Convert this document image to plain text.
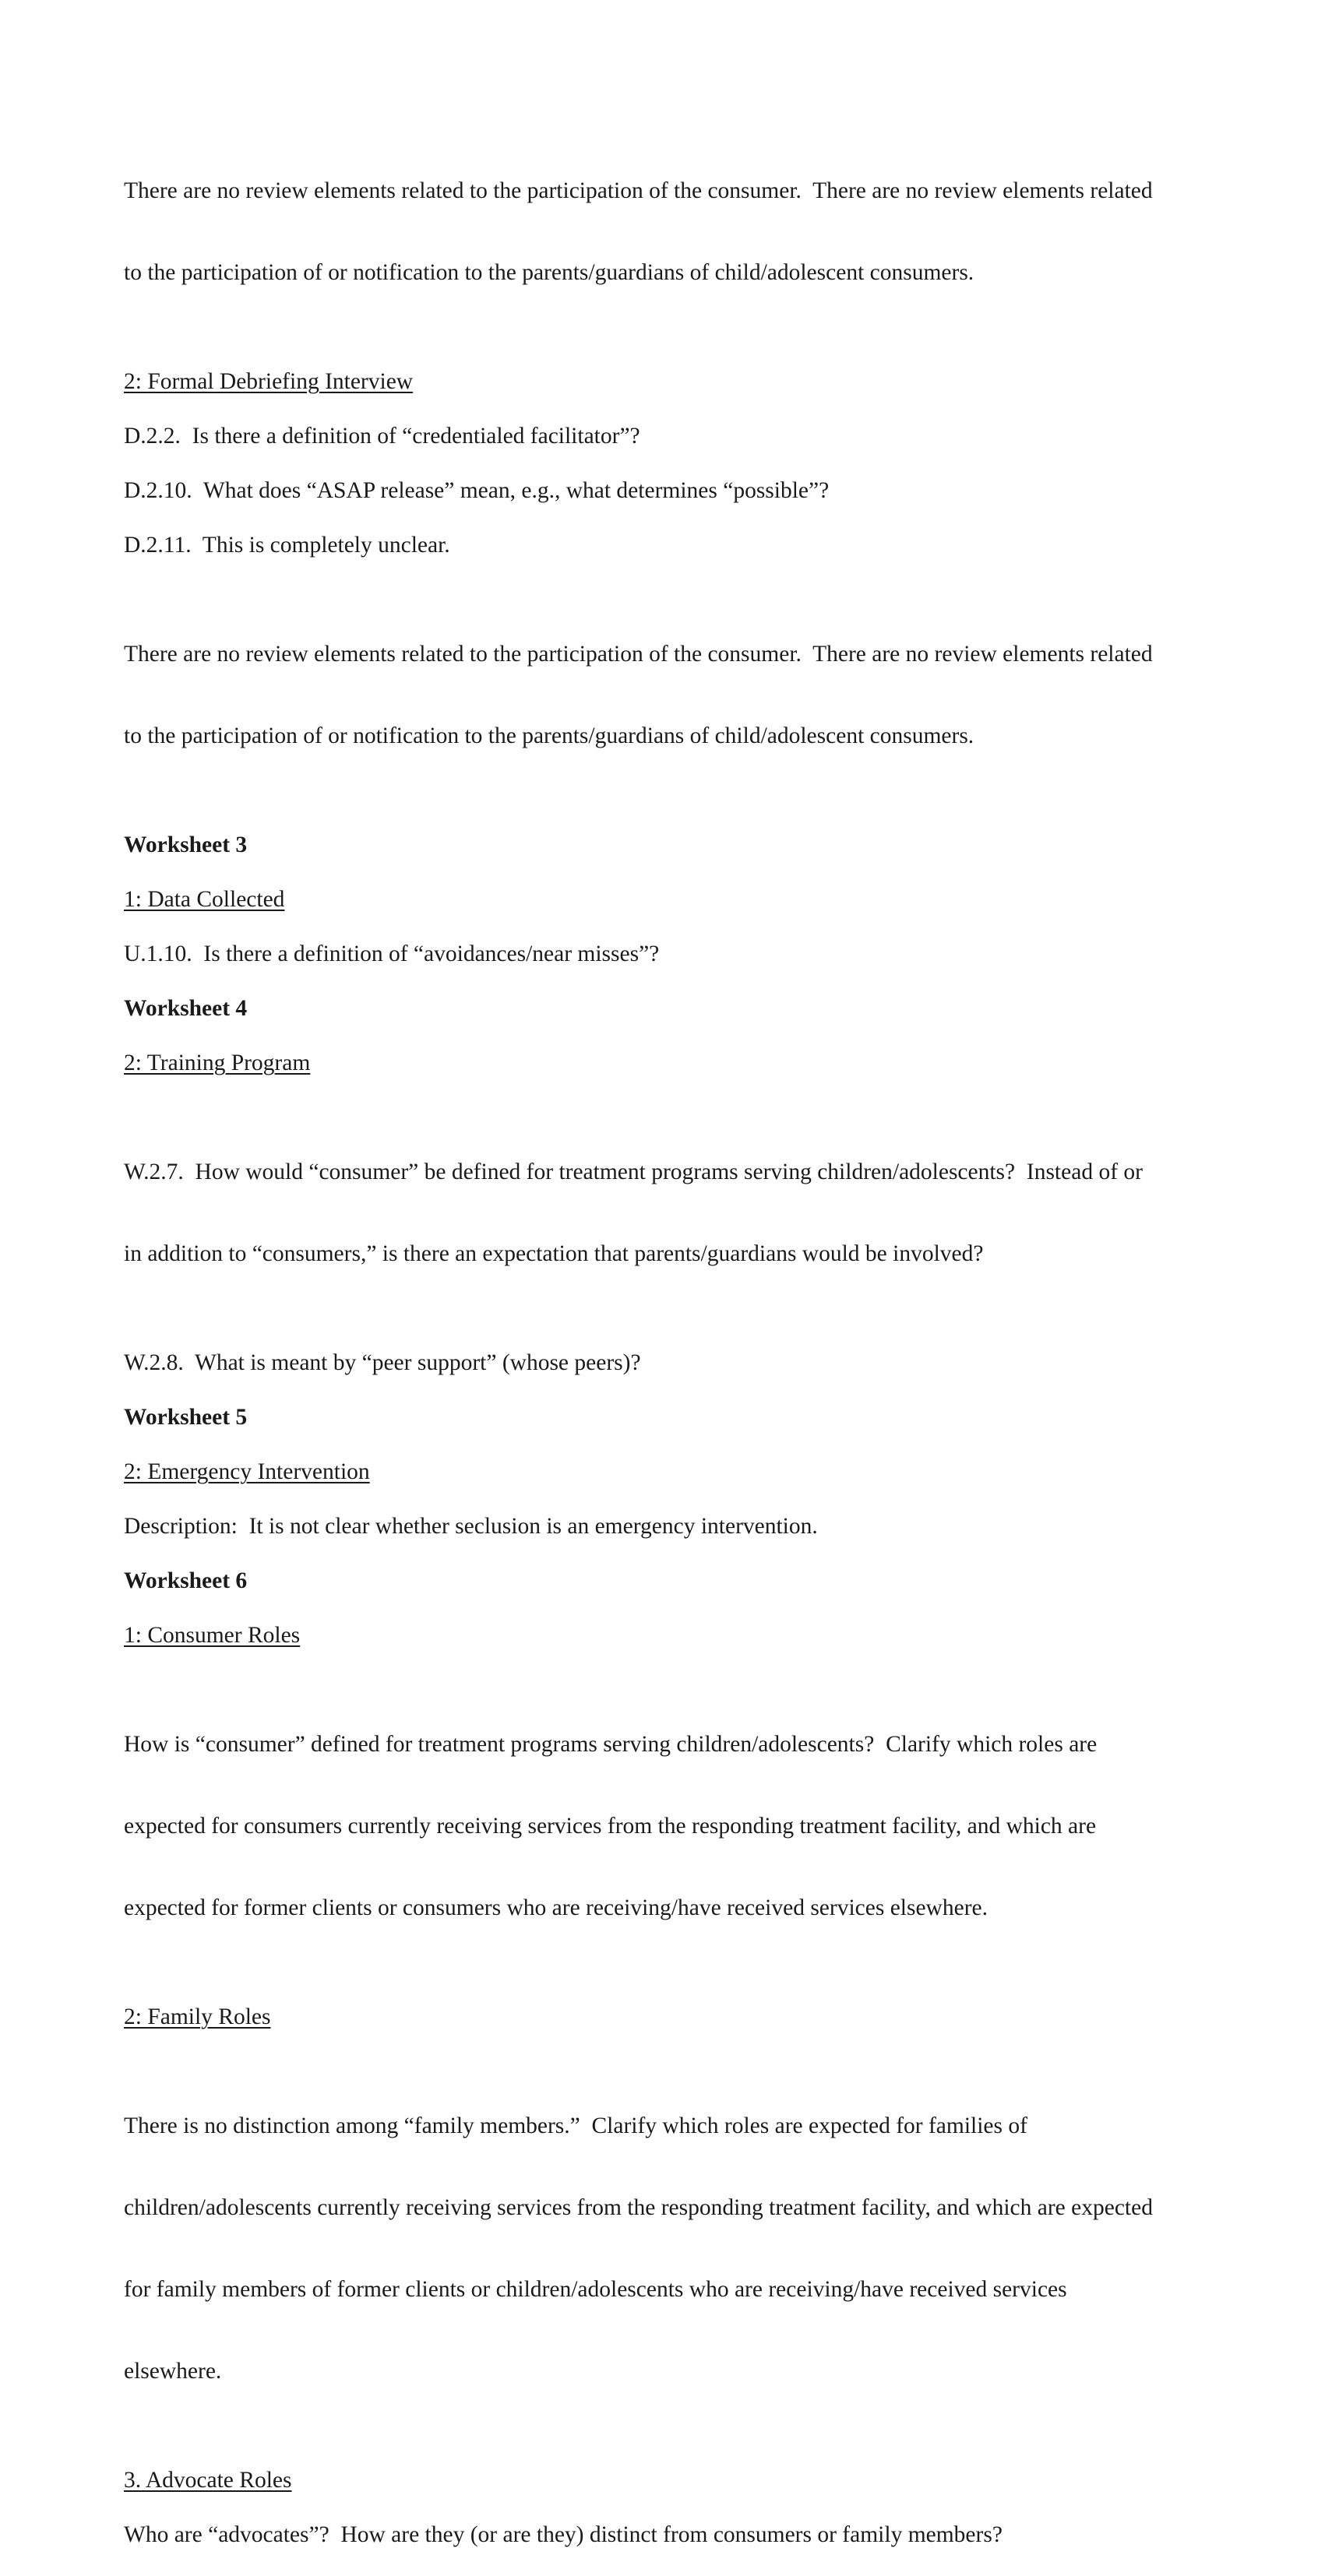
There are no review elements related to the participation of the consumer.  There are no review elements related

to the participation of or notification to the parents/guardians of child/adolescent consumers.

2: Formal Debriefing Interview
D.2.2.  Is there a definition of “credentialed facilitator”?
D.2.10.  What does “ASAP release” mean, e.g., what determines “possible”?
D.2.11.  This is completely unclear.

There are no review elements related to the participation of the consumer.  There are no review elements related

to the participation of or notification to the parents/guardians of child/adolescent consumers.

Worksheet 3
1: Data Collected
U.1.10.  Is there a definition of “avoidances/near misses”?
Worksheet 4
2: Training Program

W.2.7.  How would “consumer” be defined for treatment programs serving children/adolescents?  Instead of or

in addition to “consumers,” is there an expectation that parents/guardians would be involved?

W.2.8.  What is meant by “peer support” (whose peers)?
Worksheet 5
2: Emergency Intervention
Description:  It is not clear whether seclusion is an emergency intervention.
Worksheet 6
1: Consumer Roles

How is “consumer” defined for treatment programs serving children/adolescents?  Clarify which roles are

expected for consumers currently receiving services from the responding treatment facility, and which are

expected for former clients or consumers who are receiving/have received services elsewhere.

2: Family Roles

There is no distinction among “family members.”  Clarify which roles are expected for families of

children/adolescents currently receiving services from the responding treatment facility, and which are expected

for family members of former clients or children/adolescents who are receiving/have received services

elsewhere.

3. Advocate Roles
Who are “advocates”?  How are they (or are they) distinct from consumers or family members?
